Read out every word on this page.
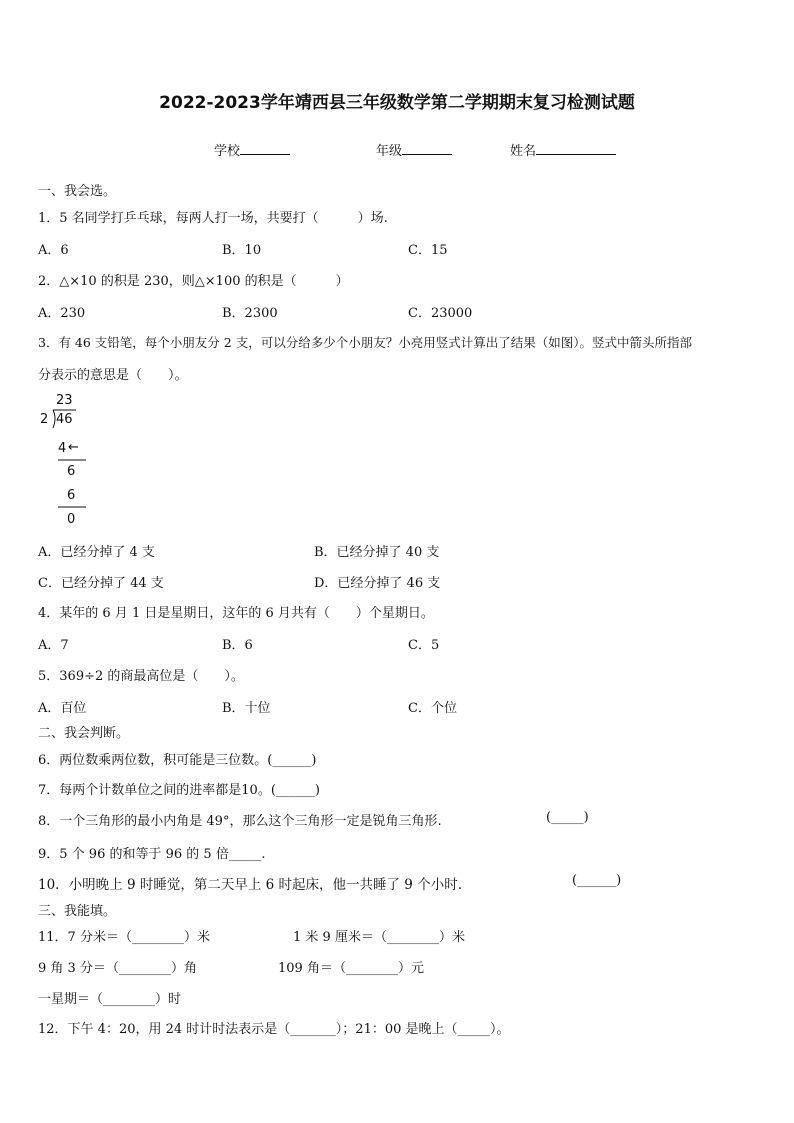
2022-2023学年靖西县三年级数学第二学期期末复习检测试题
学校	年级	姓名
一、我会选。
1．5 名同学打乒乓球，每两人打一场，共要打（　　　）场.
A．6	B．10	C．15
2．△×10 的积是 230，则△×100 的积是（　　　）
A．230	B．2300	C．23000
3．有 46 支铅笔，每个小朋友分 2 支，可以分给多少个小朋友？小亮用竖式计算出了结果（如图）。竖式中箭头所指部
分表示的意思是（　　）。
23
2 46
4 ←
6
6
0
A．已经分掉了 4 支	B．已经分掉了 40 支
C．已经分掉了 44 支	D．已经分掉了 46 支
4．某年的 6 月 1 日是星期日，这年的 6 月共有（　　）个星期日。
A．7	B．6	C．5
5．369÷2 的商最高位是（　　）。
A．百位	B．十位	C．个位
二、我会判断。
6．两位数乘两位数，积可能是三位数。(______)
7．每两个计数单位之间的进率都是10。(______)
8．一个三角形的最小内角是 49°，那么这个三角形一定是锐角三角形.	(_____)
9．5 个 96 的和等于 96 的 5 倍_____.
10．小明晚上 9 时睡觉，第二天早上 6 时起床，他一共睡了 9 个小时.	(______)
三、我能填。
11．7 分米＝（________）米	1 米 9 厘米＝（________）米
9 角 3 分＝（________）角	109 角＝（________）元
一星期＝（________）时
12．下午 4：20，用 24 时计时法表示是（_______）；21：00 是晚上（_____）。
